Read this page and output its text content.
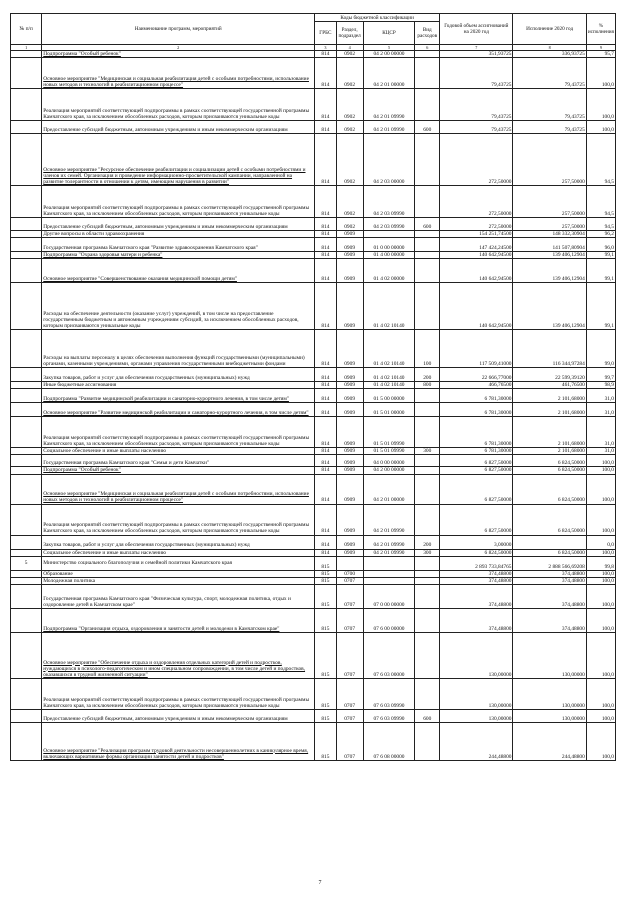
№ п/п	Наименование программ, мероприятий	Коды бюджетной классификации				Годовой объем ассигнований на 2020 год	Исполнение 2020 год	% исполнения
		ГРБС	Раздел, подраздел	КЦСР	Вид расходов			
1	2	3	4	5	6	7	8	9
	Подпрограмма "Особый ребенок"	814	0902	04 2 00 00000		351,93725	336,93725	95,7
	Основное мероприятие "Медицинская и социальная реабилитация детей с особыми потребностями, использование новых методов и технологий в реабилитационном процессе"	814	0902	04 2 01 00000		79,43725	79,43725	100,0
	Реализация мероприятий соответствующей подпрограммы в рамках соответствующей государственной программы Камчатского края, за исключением обособленных расходов, которым присваиваются уникальные коды	814	0902	04 2 01 09990		79,43725	79,43725	100,0
	Предоставление субсидий бюджетным, автономным учреждениям и иным некоммерческим организациям	814	0902	04 2 01 09990	600	79,43725	79,43725	100,0
	Основное мероприятие "Ресурсное обеспечение реабилитации и социализации детей с особыми потребностями и членов их семей. Организация и проведение информационно-просветительской кампании, направленной на развитие толерантности в отношении к детям, имеющим нарушения в развитии"	814	0902	04 2 03 00000		272,50000	257,50000	94,5
	Реализация мероприятий соответствующей подпрограммы в рамках соответствующей государственной программы Камчатского края, за исключением обособленных расходов, которым присваиваются уникальные коды	814	0902	04 2 03 09990		272,50000	257,50000	94,5
	Предоставление субсидий бюджетным, автономным учреждениям и иным некоммерческим организациям	814	0902	04 2 03 09990	600	272,50000	257,50000	94,5
	Другие вопросы в области здравоохранения	814	0909			154 251,74500	148 332,30904	96,2
	Государственная программа Камчатского края "Развитие здравоохранения Камчатского края"	814	0909	01 0 00 00000		147 424,24500	141 507,80904	96,0
	Подпрограмма "Охрана здоровья матери и ребенка"	814	0909	01 4 00 00000		140 642,94500	139 406,12904	99,1
	Основное мероприятие "Совершенствование оказания медицинской помощи детям"	814	0909	01 4 02 00000		140 642,94500	139 406,12904	99,1
	Расходы на обеспечение деятельности (оказание услуг) учреждений, в том числе на предоставление государственным бюджетным и автономным учреждениям субсидий, за исключением обособленных расходов, которым присваиваются уникальные коды	814	0909	01 4 02 10140		140 642,94500	139 406,12904	99,1
	Расходы на выплаты персоналу в целях обеспечения выполнения функций государственными (муниципальными) органами, казенными учреждениями, органами управления государственными внебюджетными фондами	814	0909	01 4 02 10140	100	117 509,41000	116 344,97284	99,0
	Закупка товаров, работ и услуг для обеспечения государственных (муниципальных) нужд	814	0909	01 4 02 10140	200	22 666,77000	22 599,39120	99,7
	Иные бюджетные ассигнования	814	0909	01 4 02 10140	800	466,76500	461,76500	98,9
	Подпрограмма "Развитие медицинской реабилитации и санаторно-курортного лечения, в том числе детям"	814	0909	01 5 00 00000		6 781,30000	2 101,68000	31,0
	Основное мероприятие "Развитие медицинской реабилитации и санаторно-курортного лечения, в том числе детям"	814	0909	01 5 01 00000		6 781,30000	2 101,68000	31,0
	Реализация мероприятий соответствующей подпрограммы в рамках соответствующей государственной программы Камчатского края, за исключением обособленных расходов, которым присваиваются уникальные коды	814	0909	01 5 01 09990		6 781,30000	2 101,68000	31,0
	Социальное обеспечение и иные выплаты населению	814	0909	01 5 01 09990	300	6 781,30000	2 101,68000	31,0
	Государственная программа Камчатского края "Семья и дети Камчатки"	814	0909	04 0 00 00000		6 827,50000	6 824,50000	100,0
	Подпрограмма "Особый ребенок"	814	0909	04 2 00 00000		6 827,50000	6 824,50000	100,0
	Основное мероприятие "Медицинская и социальная реабилитация детей с особыми потребностями, использование новых методов и технологий в реабилитационном процессе"	814	0909	04 2 01 00000		6 827,50000	6 824,50000	100,0
	Реализация мероприятий соответствующей подпрограммы в рамках соответствующей государственной программы Камчатского края, за исключением обособленных расходов, которым присваиваются уникальные коды	814	0909	04 2 01 09990		6 827,50000	6 824,50000	100,0
	Закупка товаров, работ и услуг для обеспечения государственных (муниципальных) нужд	814	0909	04 2 01 09990	200	3,00000		0,0
	Социальное обеспечение и иные выплаты населению	814	0909	04 2 01 09990	300	6 824,50000	6 824,50000	100,0
5	Министерство социального благополучия и семейной политики Камчатского края	815				2 893 733,84765	2 888 566,69208	99,8
	Образование	815	0700			374,48800	374,48800	100,0
	Молодежная политика	815	0707			374,48800	374,48800	100,0
	Государственная программа Камчатского края "Физическая культура, спорт, молодежная политика, отдых и оздоровление детей в Камчатском крае"	815	0707	07 0 00 00000		374,48800	374,48800	100,0
	Подпрограмма "Организация отдыха, оздоровления и занятости детей и молодежи в Камчатском крае"	815	0707	07 6 00 00000		374,48800	374,48800	100,0
	Основное мероприятие "Обеспечение отдыха и оздоровления отдельных категорий детей и подростков, нуждающихся в психолого-педагогическом и ином специальном сопровождении, в том числе детей и подростков, оказавшихся в трудной жизненной ситуации"	815	0707	07 6 03 00000		130,00000	130,00000	100,0
	Реализация мероприятий соответствующей подпрограммы в рамках соответствующей государственной программы Камчатского края, за исключением обособленных расходов, которым присваиваются уникальные коды	815	0707	07 6 03 09990		130,00000	130,00000	100,0
	Предоставление субсидий бюджетным, автономным учреждениям и иным некоммерческим организациям	815	0707	07 6 03 09990	600	130,00000	130,00000	100,0
	Основное мероприятие "Реализация программ трудовой деятельности несовершеннолетних в каникулярное время, включающих вариативные формы организации занятости детей и подростков"	815	0707	07 6 08 00000		244,48800	244,48800	100,0
7
